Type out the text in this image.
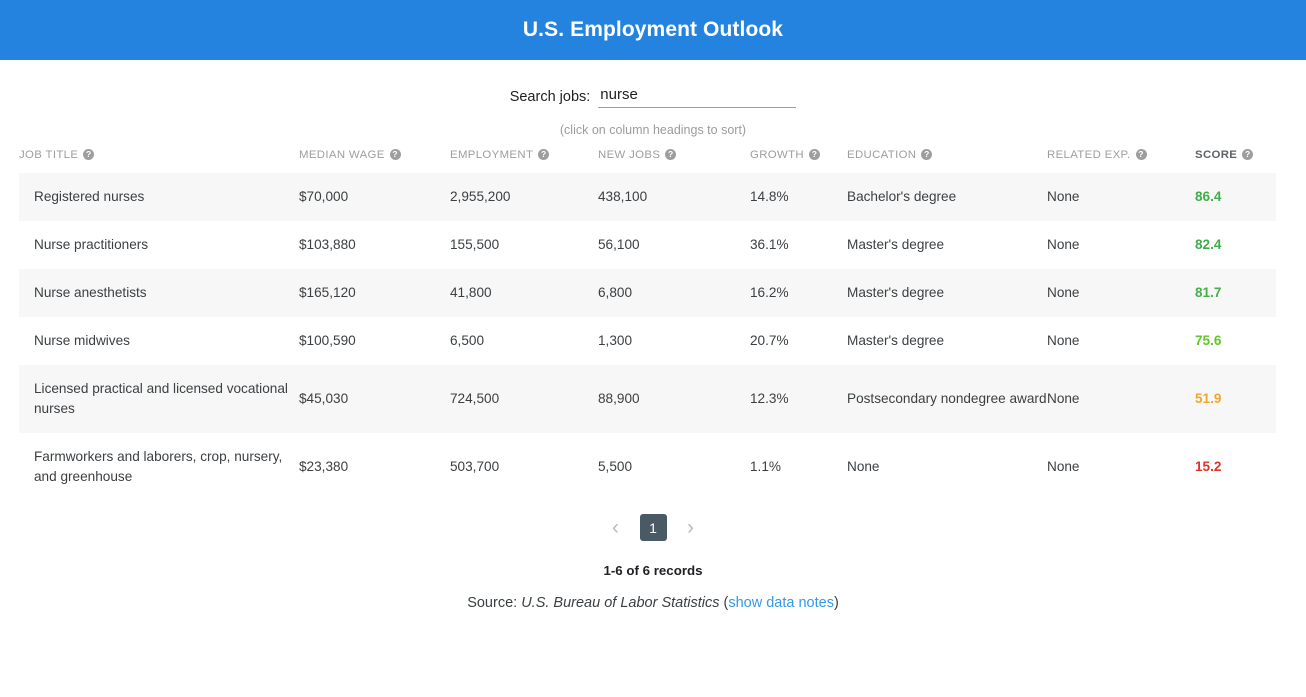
U.S. Employment Outlook
Search jobs:
nurse
(click on column headings to sort)
JOB TITLE ?	MEDIAN WAGE ?	EMPLOYMENT ?	NEW JOBS ?	GROWTH ?	EDUCATION ?	RELATED EXP. ?	SCORE ?

Registered nurses	$70,000	2,955,200	438,100	14.8%	Bachelor's degree	None	86.4
Nurse practitioners	$103,880	155,500	56,100	36.1%	Master's degree	None	82.4
Nurse anesthetists	$165,120	41,800	6,800	16.2%	Master's degree	None	81.7
Nurse midwives	$100,590	6,500	1,300	20.7%	Master's degree	None	75.6
Licensed practical and licensed vocational nurses	$45,030	724,500	88,900	12.3%	Postsecondary nondegree award	None	51.9
Farmworkers and laborers, crop, nursery, and greenhouse	$23,380	503,700	5,500	1.1%	None	None	15.2
‹	1	›
1-6 of 6 records
Source: U.S. Bureau of Labor Statistics (show data notes)
